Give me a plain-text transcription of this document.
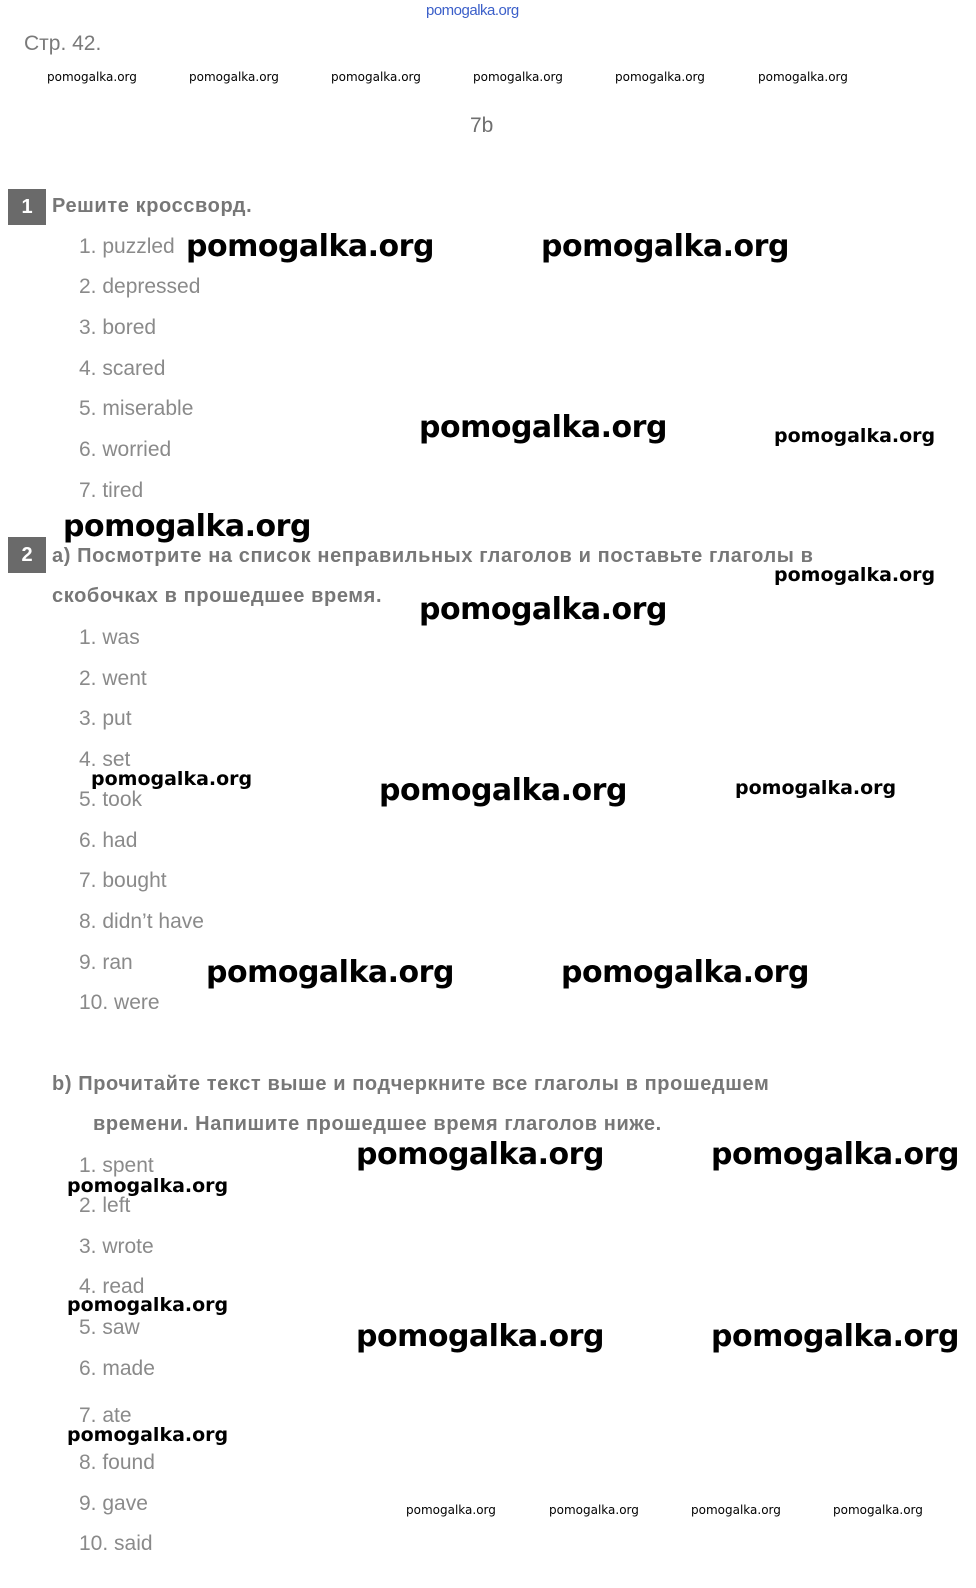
pomogalka.org
Стр. 42.
pomogalka.org	pomogalka.org	pomogalka.org	pomogalka.org	pomogalka.org	pomogalka.org
7b
1 Решите кроссворд.
1. puzzled
2. depressed
3. bored
4. scared
5. miserable
6. worried
7. tired
2 a) Посмотрите на список неправильных глаголов и поставьте глаголы в
скобочках в прошедшее время.
1. was
2. went
3. put
4. set
5. took
6. had
7. bought
8. didn’t have
9. ran
10. were
b) Прочитайте текст выше и подчеркните все глаголы в прошедшем
времени. Напишите прошедшее время глаголов ниже.
1. spent
2. left
3. wrote
4. read
5. saw
6. made
7. ate
8. found
9. gave
10. said
pomogalka.org	pomogalka.org
pomogalka.org	pomogalka.org
pomogalka.org
pomogalka.org
pomogalka.org
pomogalka.org	pomogalka.org	pomogalka.org
pomogalka.org	pomogalka.org
pomogalka.org	pomogalka.org
pomogalka.org
pomogalka.org
pomogalka.org	pomogalka.org
pomogalka.org
pomogalka.org	pomogalka.org	pomogalka.org	pomogalka.org
